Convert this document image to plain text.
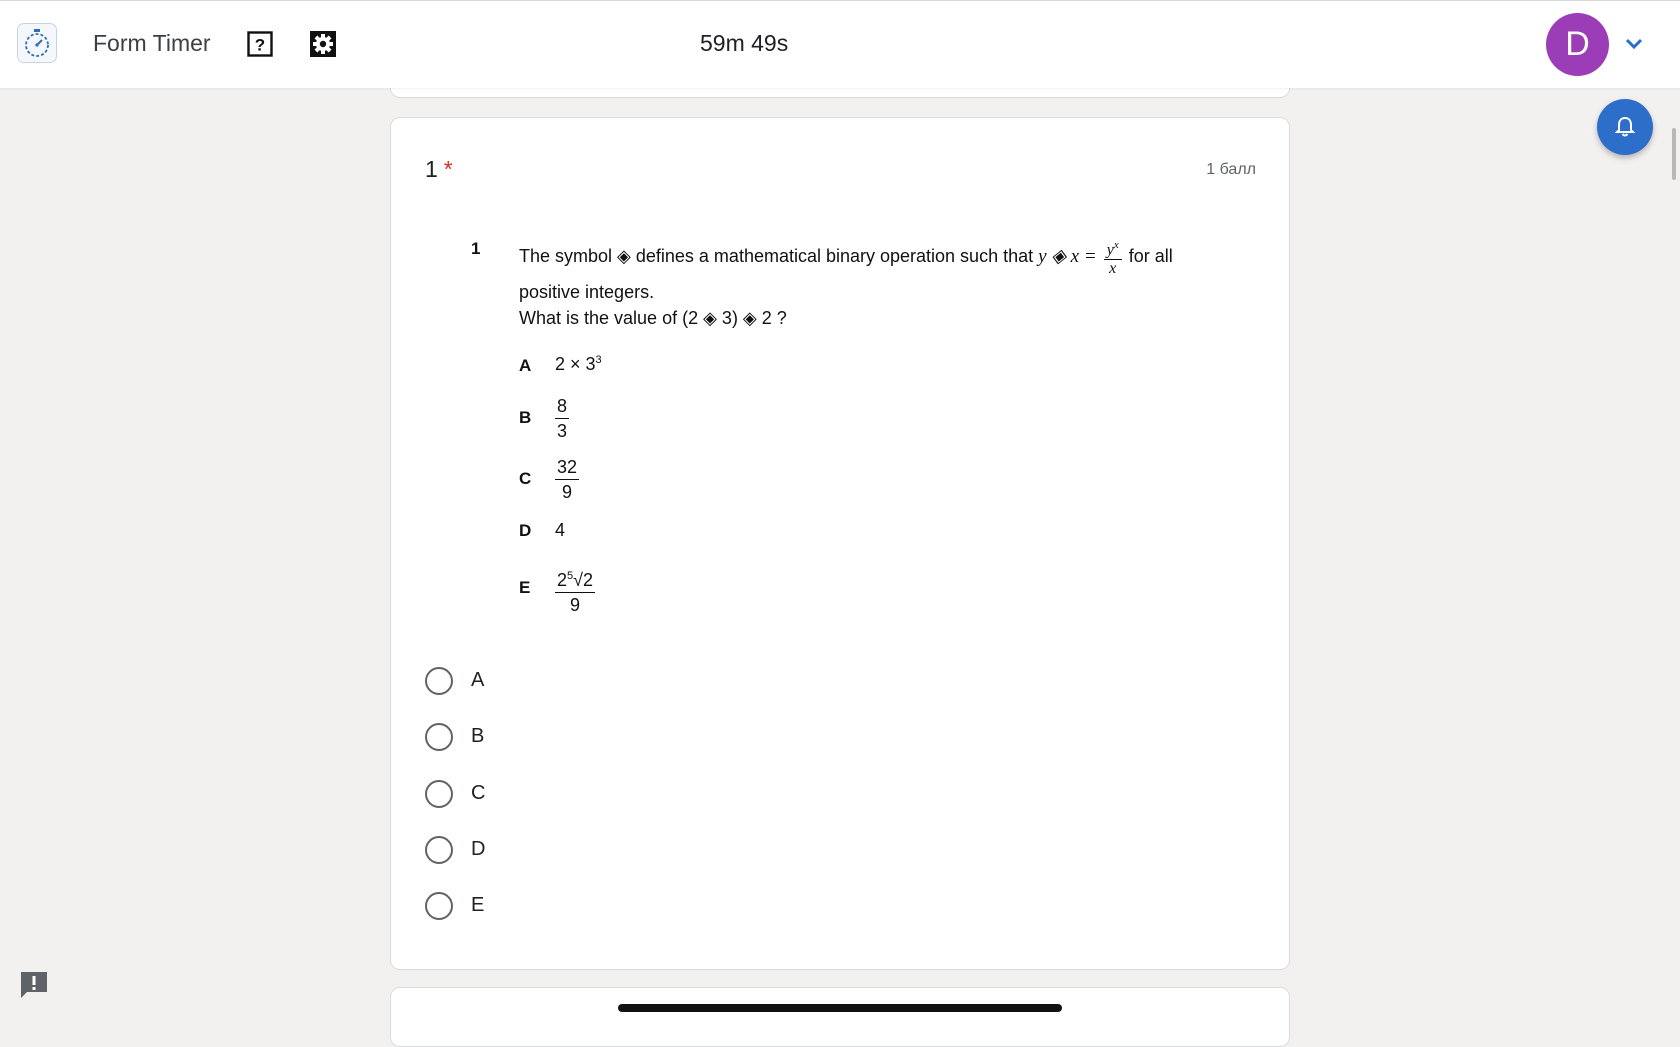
Form Timer	?	59m 49s	D
1 *	1 балл
1 The symbol ◈ defines a mathematical binary operation such that y ◈ $x = \frac{y^x}{x}$ for all
positive integers.
What is the value of (2 ◈ 3) ◈ 2 ?
A $2 \times 3^3$
B $\frac{8}{3}$
C $\frac{32}{9}$
D 4
E $\frac{2^5√2}{9}$
A
B
C
D
E
